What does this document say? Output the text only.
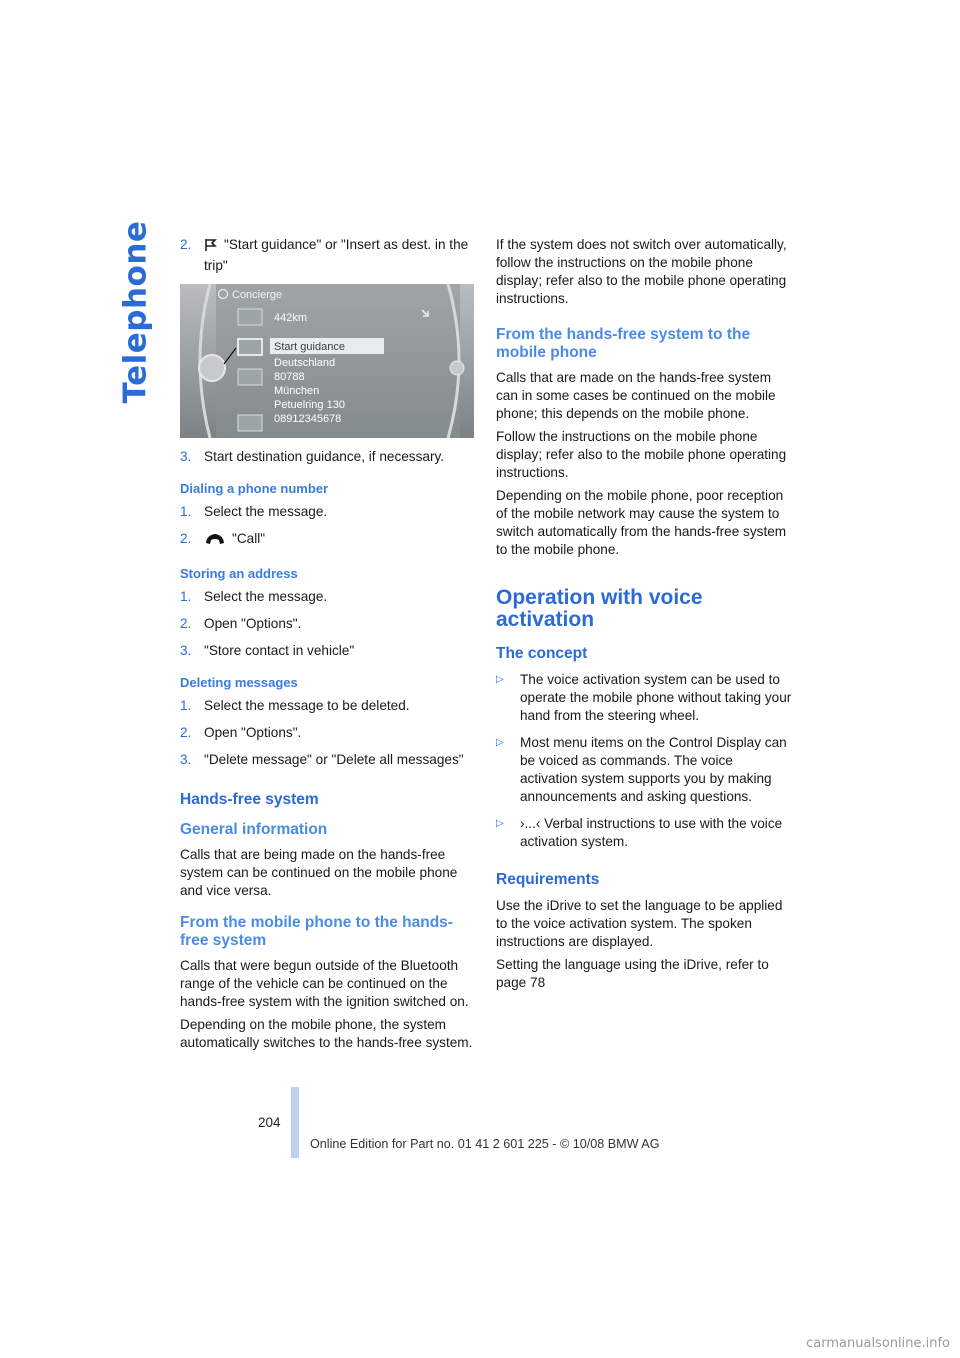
Telephone 2.	"Start guidance" or "Insert as dest. in the trip"
Concierge
442km
Start guidance
Deutschland
80788
München
Petuelring 130
08912345678
3. Start destination guidance, if necessary.
Dialing a phone number
1. Select the message.
2.	"Call"
Storing an address
1. Select the message.
2. Open "Options".
3. "Store contact in vehicle"
Deleting messages
1. Select the message to be deleted.
2. Open "Options".
3. "Delete message" or "Delete all messages"
Hands-free system
General information

Calls that are being made on the hands-free system can be continued on the mobile phone and vice versa.

From the mobile phone to the hands-free system

Calls that were begun outside of the Bluetooth range of the vehicle can be continued on the hands-free system with the ignition switched on.

Depending on the mobile phone, the system automatically switches to the hands-free system.

If the system does not switch over automatically, follow the instructions on the mobile phone display; refer also to the mobile phone operating instructions.

From the hands-free system to the mobile phone

Calls that are made on the hands-free system can in some cases be continued on the mobile phone; this depends on the mobile phone.

Follow the instructions on the mobile phone display; refer also to the mobile phone operating instructions.

Depending on the mobile phone, poor reception of the mobile network may cause the system to switch automatically from the hands-free system to the mobile phone.

Operation with voice activation
The concept
▷	The voice activation system can be used to operate the mobile phone without taking your hand from the steering wheel.
▷	Most menu items on the Control Display can be voiced as commands. The voice activation system supports you by making announcements and asking questions.
▷	›...‹ Verbal instructions to use with the voice activation system.
Requirements

Use the iDrive to set the language to be applied to the voice activation system. The spoken instructions are displayed.

Setting the language using the iDrive, refer to page 78

204
Online Edition for Part no. 01 41 2 601 225 - © 10/08 BMW AG
carmanualsonline.info
